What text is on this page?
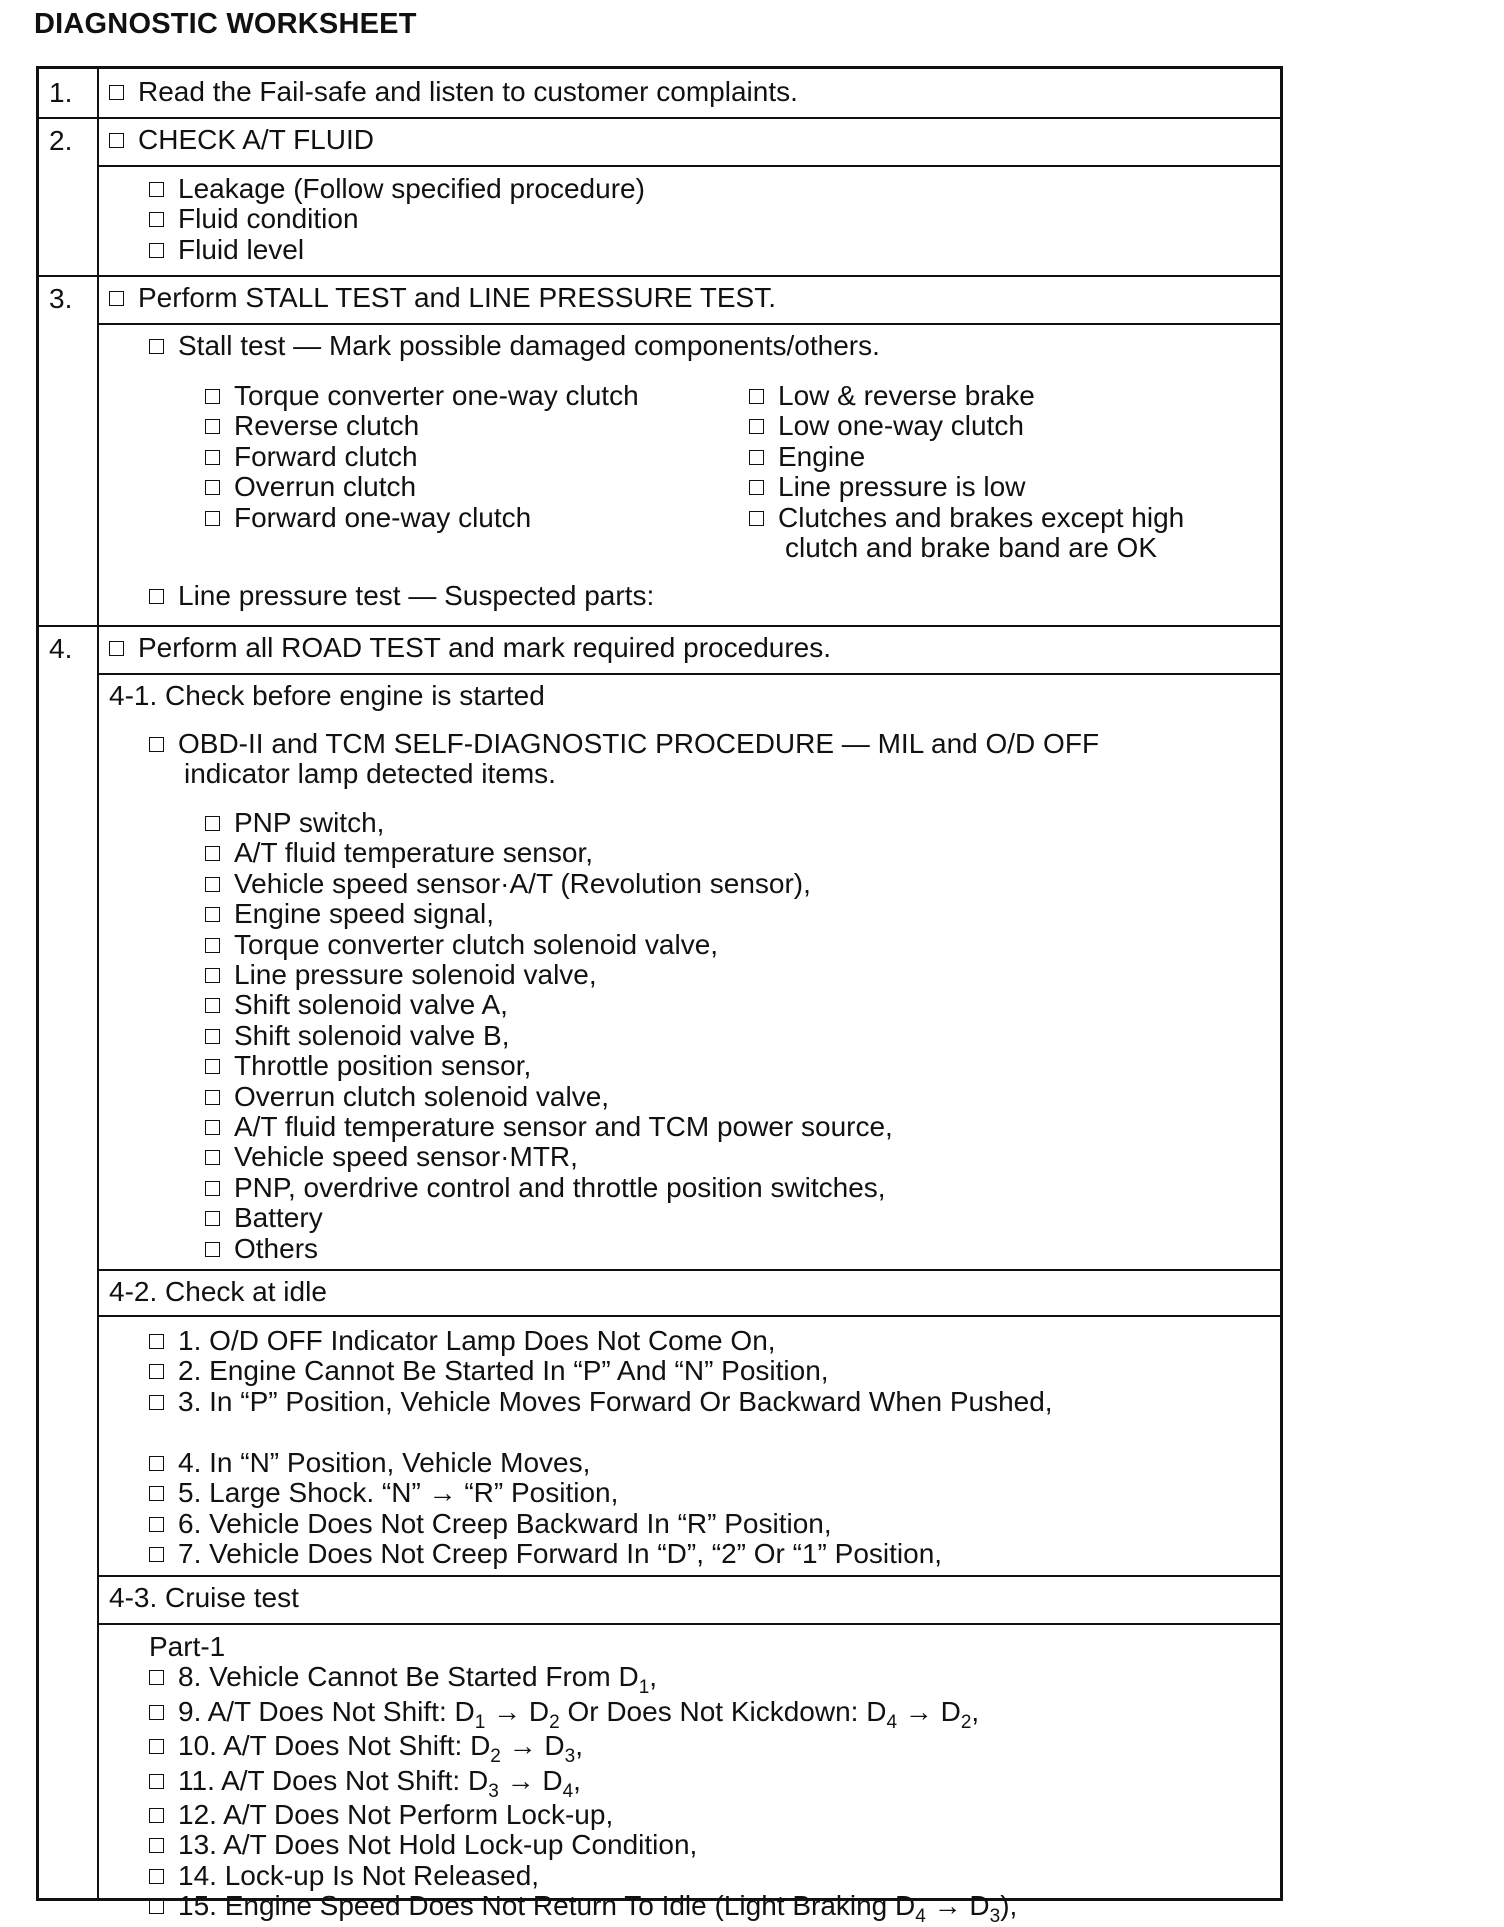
DIAGNOSTIC WORKSHEET
1.	Read the Fail-safe and listen to customer complaints.
2.	CHECK A/T FLUID
Leakage (Follow specified procedure)
Fluid condition
Fluid level
3.	Perform STALL TEST and LINE PRESSURE TEST.
Stall test — Mark possible damaged components/others.
Torque converter one-way clutch
Reverse clutch
Forward clutch
Overrun clutch
Forward one-way clutch
Low & reverse brake
Low one-way clutch
Engine
Line pressure is low
Clutches and brakes except high
clutch and brake band are OK
Line pressure test — Suspected parts:
4.	Perform all ROAD TEST and mark required procedures.
4-1. Check before engine is started
OBD-II and TCM SELF-DIAGNOSTIC PROCEDURE — MIL and O/D OFF
indicator lamp detected items.
PNP switch,
A/T fluid temperature sensor,
Vehicle speed sensor·A/T (Revolution sensor),
Engine speed signal,
Torque converter clutch solenoid valve,
Line pressure solenoid valve,
Shift solenoid valve A,
Shift solenoid valve B,
Throttle position sensor,
Overrun clutch solenoid valve,
A/T fluid temperature sensor and TCM power source,
Vehicle speed sensor·MTR,
PNP, overdrive control and throttle position switches,
Battery
Others
4-2. Check at idle
1. O/D OFF Indicator Lamp Does Not Come On,
2. Engine Cannot Be Started In “P” And “N” Position,
3. In “P” Position, Vehicle Moves Forward Or Backward When Pushed,
4. In “N” Position, Vehicle Moves,
5. Large Shock. “N” → “R” Position,
6. Vehicle Does Not Creep Backward In “R” Position,
7. Vehicle Does Not Creep Forward In “D”, “2” Or “1” Position,
4-3. Cruise test
Part-1
8. Vehicle Cannot Be Started From $D_1$,
9. A/T Does Not Shift: $D_1 \to D_2$ Or Does Not Kickdown: $D_4 \to D_2$,
10. A/T Does Not Shift: $D_2 \to D_3$,
11. A/T Does Not Shift: $D_3 \to D_4$,
12. A/T Does Not Perform Lock-up,
13. A/T Does Not Hold Lock-up Condition,
14. Lock-up Is Not Released,
15. Engine Speed Does Not Return To Idle (Light Braking $D_4 \to D_3$),
